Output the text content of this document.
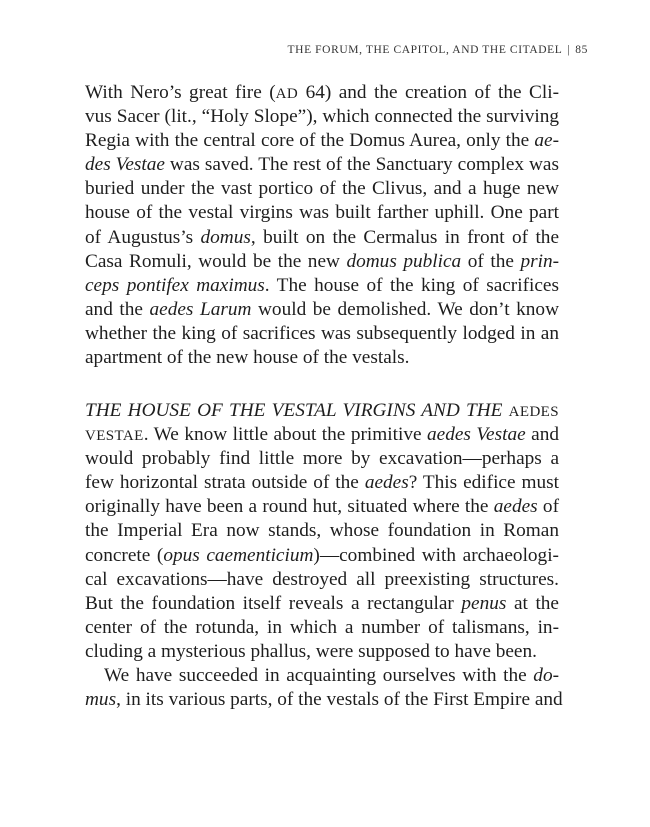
THE FORUM, THE CAPITOL, AND THE CITADEL | 85
With Nero’s great fire (AD 64) and the creation of the Cli-
vus Sacer (lit., “Holy Slope”), which connected the surviving
Regia with the central core of the Domus Aurea, only the ae-
des Vestae was saved. The rest of the Sanctuary complex was
buried under the vast portico of the Clivus, and a huge new
house of the vestal virgins was built farther uphill. One part
of Augustus’s domus, built on the Cermalus in front of the
Casa Romuli, would be the new domus publica of the prin-
ceps pontifex maximus. The house of the king of sacrifices
and the aedes Larum would be demolished. We don’t know
whether the king of sacrifices was subsequently lodged in an
apartment of the new house of the vestals.
THE HOUSE OF THE VESTAL VIRGINS AND THE AEDES
VESTAE. We know little about the primitive aedes Vestae and
would probably find little more by excavation—perhaps a
few horizontal strata outside of the aedes? This edifice must
originally have been a round hut, situated where the aedes of
the Imperial Era now stands, whose foundation in Roman
concrete (opus caementicium)—combined with archaeologi-
cal excavations—have destroyed all preexisting structures.
But the foundation itself reveals a rectangular penus at the
center of the rotunda, in which a number of talismans, in-
cluding a mysterious phallus, were supposed to have been.
We have succeeded in acquainting ourselves with the do-
mus, in its various parts, of the vestals of the First Empire and
